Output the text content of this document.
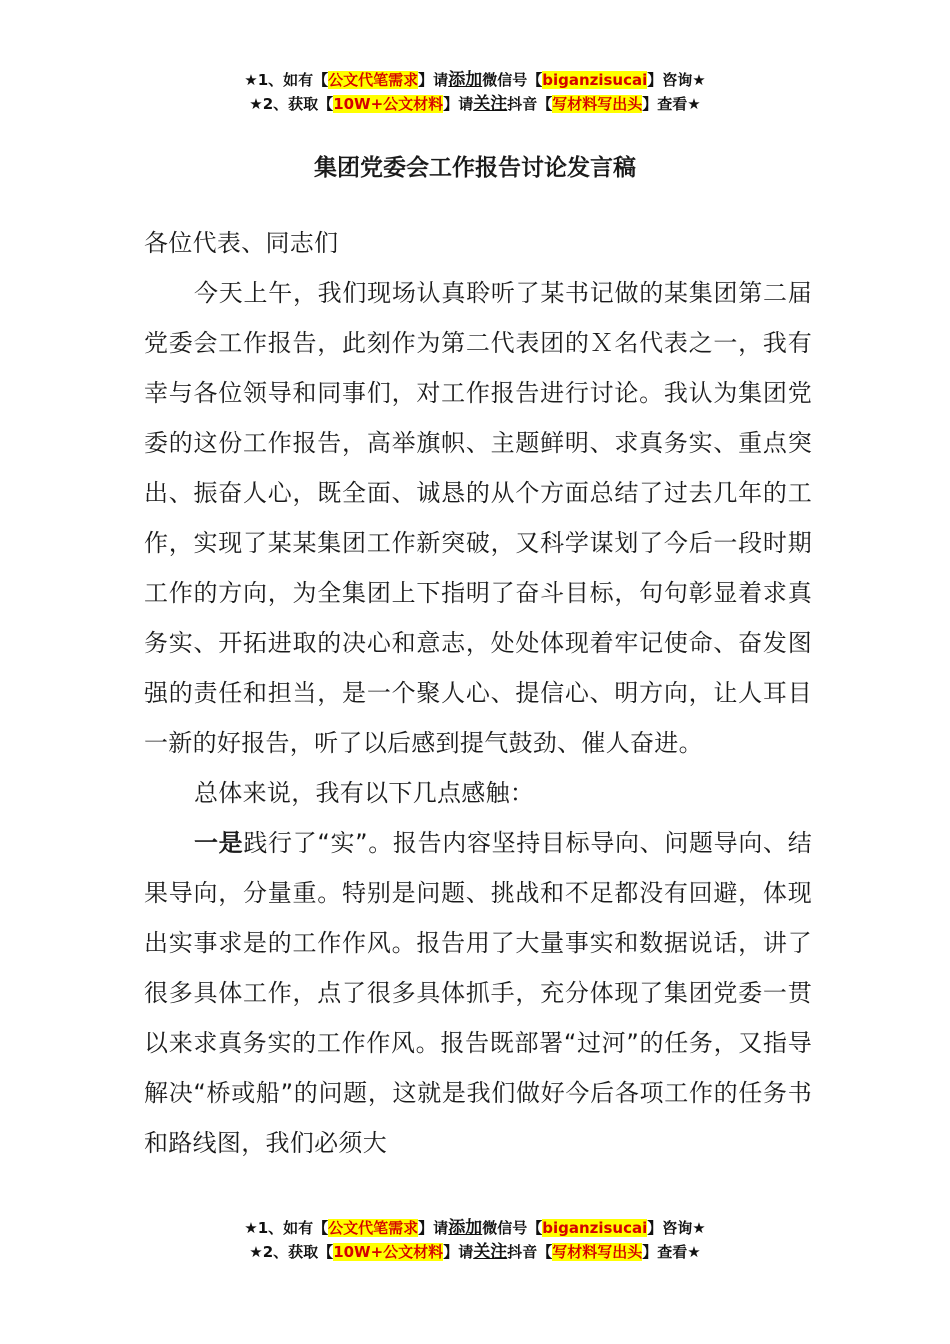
★1、如有【公文代笔需求】请添加微信号【biganzisucai】咨询★
★2、获取【10W+公文材料】请关注抖音【写材料写出头】查看★
集团党委会工作报告讨论发言稿

各位代表、同志们

今天上午，我们现场认真聆听了某书记做的某集团第二届党委会工作报告，此刻作为第二代表团的Ｘ名代表之一，我有幸与各位领导和同事们，对工作报告进行讨论。我认为集团党委的这份工作报告，高举旗帜、主题鲜明、求真务实、重点突出、振奋人心，既全面、诚恳的从个方面总结了过去几年的工作，实现了某某集团工作新突破，又科学谋划了今后一段时期工作的方向，为全集团上下指明了奋斗目标，句句彰显着求真务实、开拓进取的决心和意志，处处体现着牢记使命、奋发图强的责任和担当，是一个聚人心、提信心、明方向，让人耳目一新的好报告，听了以后感到提气鼓劲、催人奋进。

总体来说，我有以下几点感触：

一是践行了“实”。报告内容坚持目标导向、问题导向、结果导向，分量重。特别是问题、挑战和不足都没有回避，体现出实事求是的工作作风。报告用了大量事实和数据说话，讲了很多具体工作，点了很多具体抓手，充分体现了集团党委一贯以来求真务实的工作作风。报告既部署“过河”的任务，又指导解决“桥或船”的问题，这就是我们做好今后各项工作的任务书和路线图，我们必须大

★1、如有【公文代笔需求】请添加微信号【biganzisucai】咨询★
★2、获取【10W+公文材料】请关注抖音【写材料写出头】查看★
